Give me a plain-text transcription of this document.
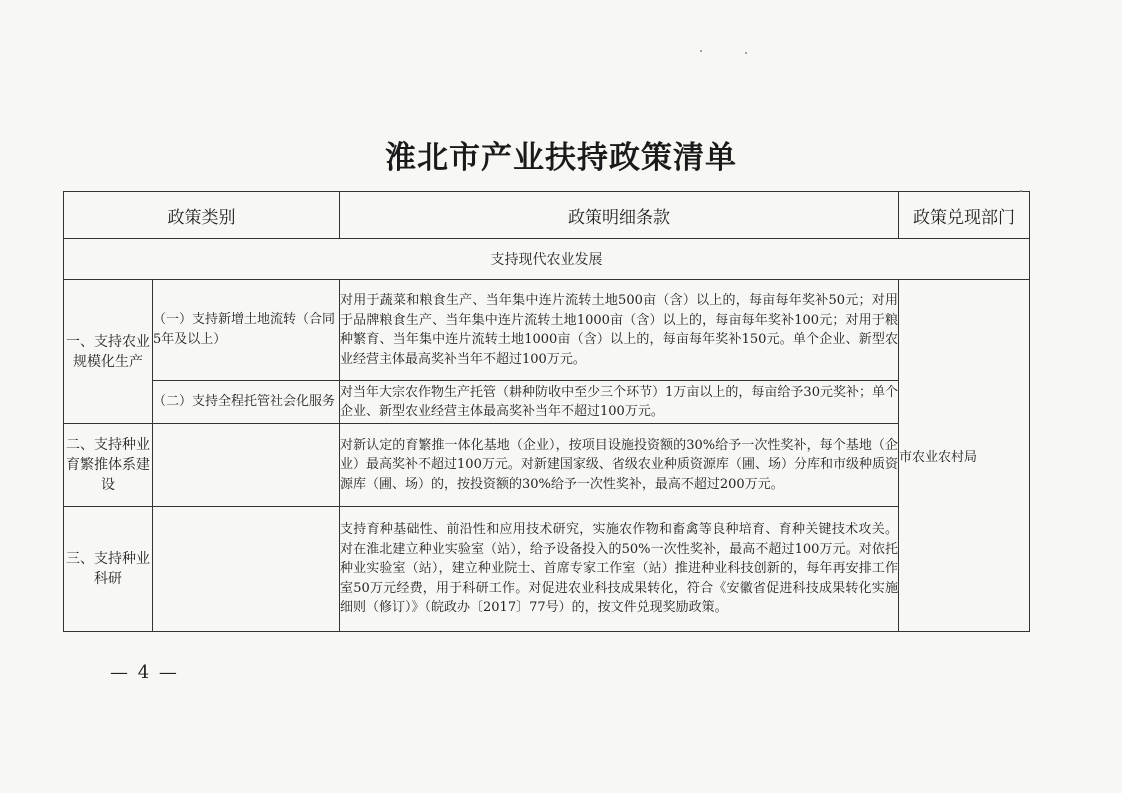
淮北市产业扶持政策清单
政策类别		政策明细条款	政策兑现部门
支持现代农业发展			
一、支持农业规模化生产	（一）支持新增土地流转（合同5年及以上）	对用于蔬菜和粮食生产、当年集中连片流转土地500亩（含）以上的，每亩每年奖补50元；对用于品牌粮食生产、当年集中连片流转土地1000亩（含）以上的，每亩每年奖补100元；对用于粮种繁育、当年集中连片流转土地1000亩（含）以上的，每亩每年奖补150元。单个企业、新型农业经营主体最高奖补当年不超过100万元。	市农业农村局
	（二）支持全程托管社会化服务	对当年大宗农作物生产托管（耕种防收中至少三个环节）1万亩以上的，每亩给予30元奖补；单个企业、新型农业经营主体最高奖补当年不超过100万元。	
二、支持种业育繁推体系建设		对新认定的育繁推一体化基地（企业），按项目设施投资额的30%给予一次性奖补，每个基地（企业）最高奖补不超过100万元。对新建国家级、省级农业种质资源库（圃、场）分库和市级种质资源库（圃、场）的，按投资额的30%给予一次性奖补，最高不超过200万元。	
三、支持种业科研		支持育种基础性、前沿性和应用技术研究，实施农作物和畜禽等良种培育、育种关键技术攻关。对在淮北建立种业实验室（站），给予设备投入的50%一次性奖补，最高不超过100万元。对依托种业实验室（站），建立种业院士、首席专家工作室（站）推进种业科技创新的，每年再安排工作室50万元经费，用于科研工作。对促进农业科技成果转化，符合《安徽省促进科技成果转化实施细则（修订）》（皖政办〔2017〕77号）的，按文件兑现奖励政策。	
— 4 —
